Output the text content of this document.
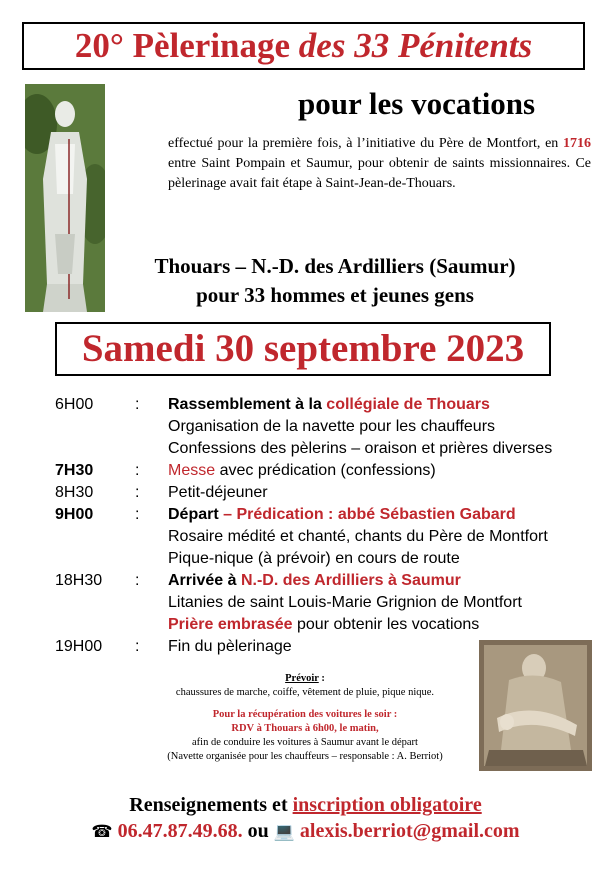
20° Pèlerinage des 33 Pénitents
pour les vocations
effectué pour la première fois, à l’initiative du Père de Montfort, en 1716 entre Saint Pompain et Saumur, pour obtenir de saints missionnaires. Ce pèlerinage avait fait étape à Saint-Jean-de-Thouars.
Thouars – N.-D. des Ardilliers (Saumur)
pour 33 hommes et jeunes gens
Samedi 30 septembre 2023
6H00	:	Rassemblement à la collégiale de Thouars
Organisation de la navette pour les chauffeurs
Confessions des pèlerins – oraison et prières diverses
7H30	:	Messe avec prédication (confessions)
8H30	:	Petit-déjeuner
9H00	:	Départ – Prédication : abbé Sébastien Gabard
Rosaire médité et chanté, chants du Père de Montfort
Pique-nique (à prévoir) en cours de route
18H30	:	Arrivée à N.-D. des Ardilliers à Saumur
Litanies de saint Louis-Marie Grignion de Montfort
Prière embrasée pour obtenir les vocations
19H00	:	Fin du pèlerinage
Prévoir :
chaussures de marche, coiffe, vêtement de pluie, pique nique.
Pour la récupération des voitures le soir :
RDV à Thouars à 6h00, le matin,
afin de conduire les voitures à Saumur avant le départ
(Navette organisée pour les chauffeurs – responsable : A. Berriot)
Renseignements et inscription obligatoire
☎ 06.47.87.49.68. ou 💻 alexis.berriot@gmail.com
